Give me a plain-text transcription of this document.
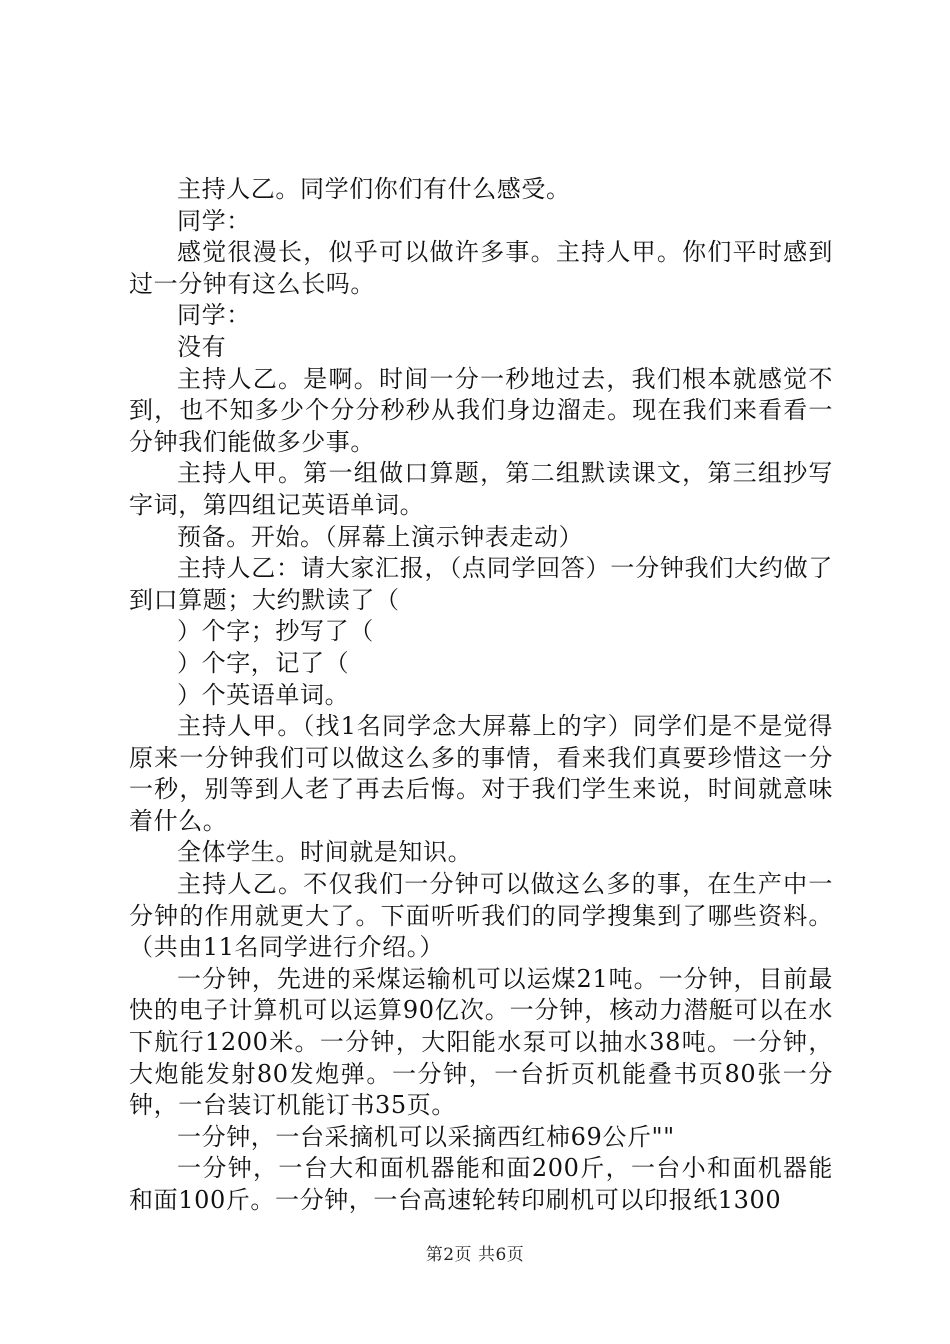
主持人乙。同学们你们有什么感受。

同学：

感觉很漫长，似乎可以做许多事。主持人甲。你们平时感到过一分钟有这么长吗。

同学：

没有

主持人乙。是啊。时间一分一秒地过去，我们根本就感觉不到，也不知多少个分分秒秒从我们身边溜走。现在我们来看看一分钟我们能做多少事。

主持人甲。第一组做口算题，第二组默读课文，第三组抄写字词，第四组记英语单词。

预备。开始。（屏幕上演示钟表走动）

主持人乙：请大家汇报，（点同学回答）一分钟我们大约做了到口算题；大约默读了（

）个字；抄写了（

）个字，记了（

）个英语单词。

主持人甲。（找1名同学念大屏幕上的字）同学们是不是觉得原来一分钟我们可以做这么多的事情，看来我们真要珍惜这一分一秒，别等到人老了再去后悔。对于我们学生来说，时间就意味着什么。

全体学生。时间就是知识。

主持人乙。不仅我们一分钟可以做这么多的事，在生产中一分钟的作用就更大了。下面听听我们的同学搜集到了哪些资料。（共由11名同学进行介绍。）

一分钟，先进的采煤运输机可以运煤21吨。一分钟，目前最快的电子计算机可以运算90亿次。一分钟，核动力潜艇可以在水下航行1200米。一分钟，大阳能水泵可以抽水38吨。一分钟，大炮能发射80发炮弹。一分钟，一台折页机能叠书页80张一分钟，一台装订机能订书35页。

一分钟，一台采摘机可以采摘西红柿69公斤""

一分钟，一台大和面机器能和面200斤，一台小和面机器能和面100斤。一分钟，一台高速轮转印刷机可以印报纸1300

第2页 共6页
